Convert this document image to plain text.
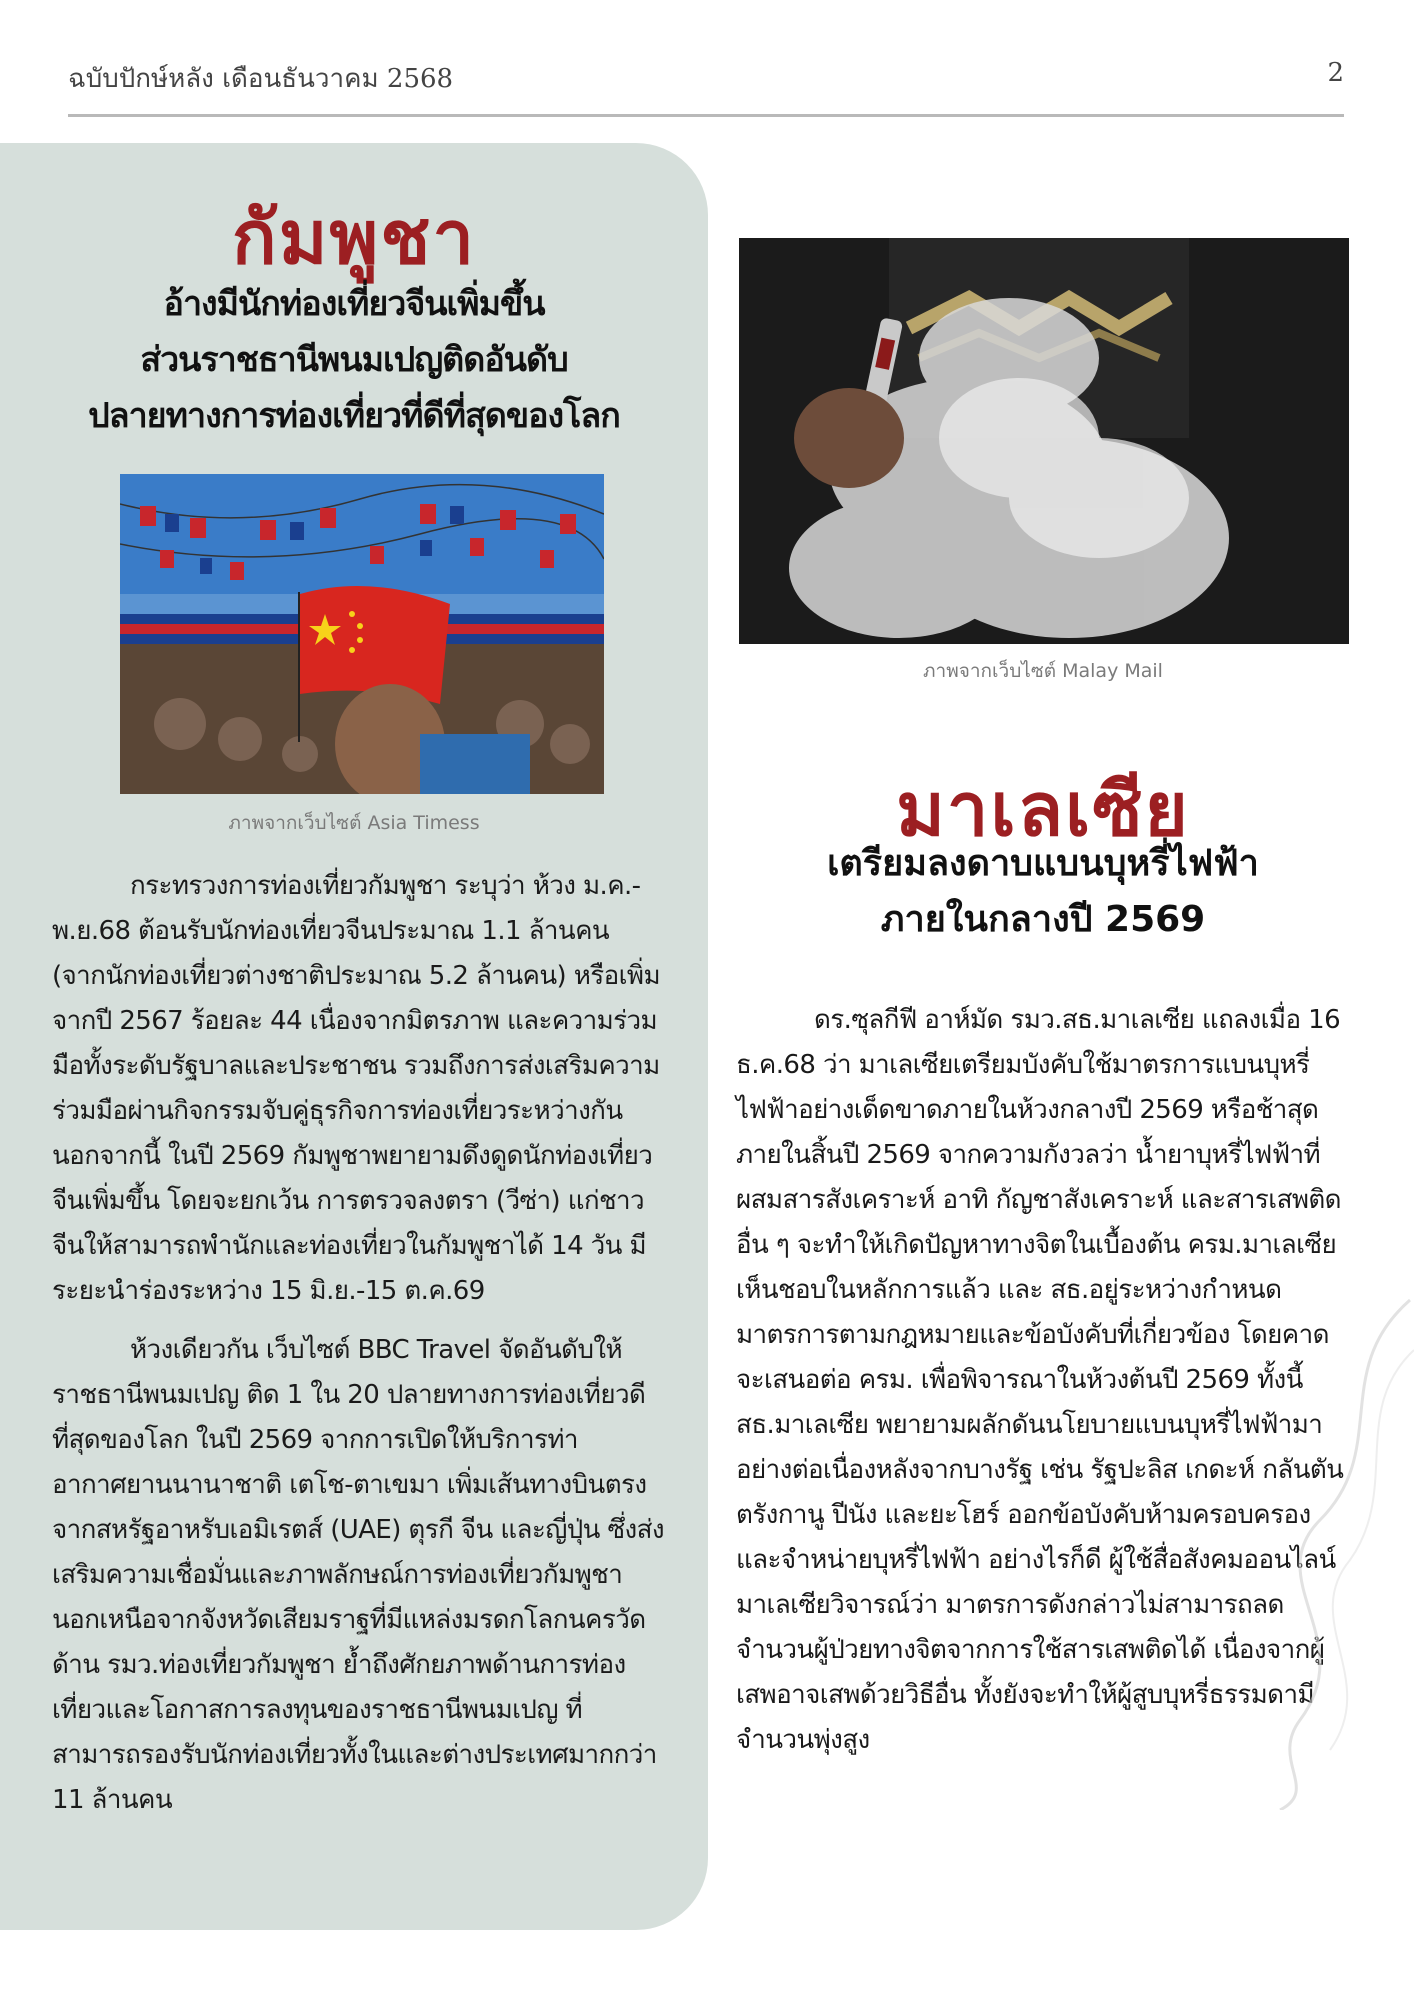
ฉบับปักษ์หลัง เดือนธันวาคม 2568	2
กัมพูชา
อ้างมีนักท่องเที่ยวจีนเพิ่มขึ้น
ส่วนราชธานีพนมเปญติดอันดับ
ปลายทางการท่องเที่ยวที่ดีที่สุดของโลก
ภาพจากเว็บไซต์ Asia Timess

กระทรวงการท่องเที่ยวกัมพูชา ระบุว่า ห้วง ม.ค.-พ.ย.68 ต้อนรับนักท่องเที่ยวจีนประมาณ 1.1 ล้านคน (จากนักท่องเที่ยวต่างชาติประมาณ 5.2 ล้านคน) หรือเพิ่มจากปี 2567 ร้อยละ 44 เนื่องจากมิตรภาพ และความร่วมมือทั้งระดับรัฐบาลและประชาชน รวมถึงการส่งเสริมความร่วมมือผ่านกิจกรรมจับคู่ธุรกิจการท่องเที่ยวระหว่างกัน นอกจากนี้ ในปี 2569 กัมพูชาพยายามดึงดูดนักท่องเที่ยวจีนเพิ่มขึ้น โดยจะยกเว้น การตรวจลงตรา (วีซ่า) แก่ชาวจีนให้สามารถพำนักและท่องเที่ยวในกัมพูชาได้ 14 วัน มีระยะนำร่องระหว่าง 15 มิ.ย.-15 ต.ค.69

ห้วงเดียวกัน เว็บไซต์ BBC Travel จัดอันดับให้ราชธานีพนมเปญ ติด 1 ใน 20 ปลายทางการท่องเที่ยวดีที่สุดของโลก ในปี 2569 จากการเปิดให้บริการท่าอากาศยานนานาชาติ เตโช-ตาเขมา เพิ่มเส้นทางบินตรงจากสหรัฐอาหรับเอมิเรตส์ (UAE) ตุรกี จีน และญี่ปุ่น ซึ่งส่งเสริมความเชื่อมั่นและภาพลักษณ์การท่องเที่ยวกัมพูชา นอกเหนือจากจังหวัดเสียมราฐที่มีแหล่งมรดกโลกนครวัด ด้าน รมว.ท่องเที่ยวกัมพูชา ย้ำถึงศักยภาพด้านการท่องเที่ยวและโอกาสการลงทุนของราชธานีพนมเปญ ที่สามารถรองรับนักท่องเที่ยวทั้งในและต่างประเทศมากกว่า 11 ล้านคน

ภาพจากเว็บไซต์ Malay Mail
มาเลเซีย
เตรียมลงดาบแบนบุหรี่ไฟฟ้า
ภายในกลางปี 2569

ดร.ซุลกีฟี อาห์มัด รมว.สธ.มาเลเซีย แถลงเมื่อ 16 ธ.ค.68 ว่า มาเลเซียเตรียมบังคับใช้มาตรการแบนบุหรี่ไฟฟ้าอย่างเด็ดขาดภายในห้วงกลางปี 2569 หรือช้าสุดภายในสิ้นปี 2569 จากความกังวลว่า น้ำยาบุหรี่ไฟฟ้าที่ผสมสารสังเคราะห์ อาทิ กัญชาสังเคราะห์ และสารเสพติดอื่น ๆ จะทำให้เกิดปัญหาทางจิตในเบื้องต้น ครม.มาเลเซีย เห็นชอบในหลักการแล้ว และ สธ.อยู่ระหว่างกำหนดมาตรการตามกฎหมายและข้อบังคับที่เกี่ยวข้อง โดยคาดจะเสนอต่อ ครม. เพื่อพิจารณาในห้วงต้นปี 2569 ทั้งนี้ สธ.มาเลเซีย พยายามผลักดันนโยบายแบนบุหรี่ไฟฟ้ามาอย่างต่อเนื่องหลังจากบางรัฐ เช่น รัฐปะลิส เกดะห์ กลันตัน ตรังกานู ปีนัง และยะโฮร์ ออกข้อบังคับห้ามครอบครองและจำหน่ายบุหรี่ไฟฟ้า อย่างไรก็ดี ผู้ใช้สื่อสังคมออนไลน์มาเลเซียวิจารณ์ว่า มาตรการดังกล่าวไม่สามารถลดจำนวนผู้ป่วยทางจิตจากการใช้สารเสพติดได้ เนื่องจากผู้เสพอาจเสพด้วยวิธีอื่น ทั้งยังจะทำให้ผู้สูบบุหรี่ธรรมดามีจำนวนพุ่งสูง
